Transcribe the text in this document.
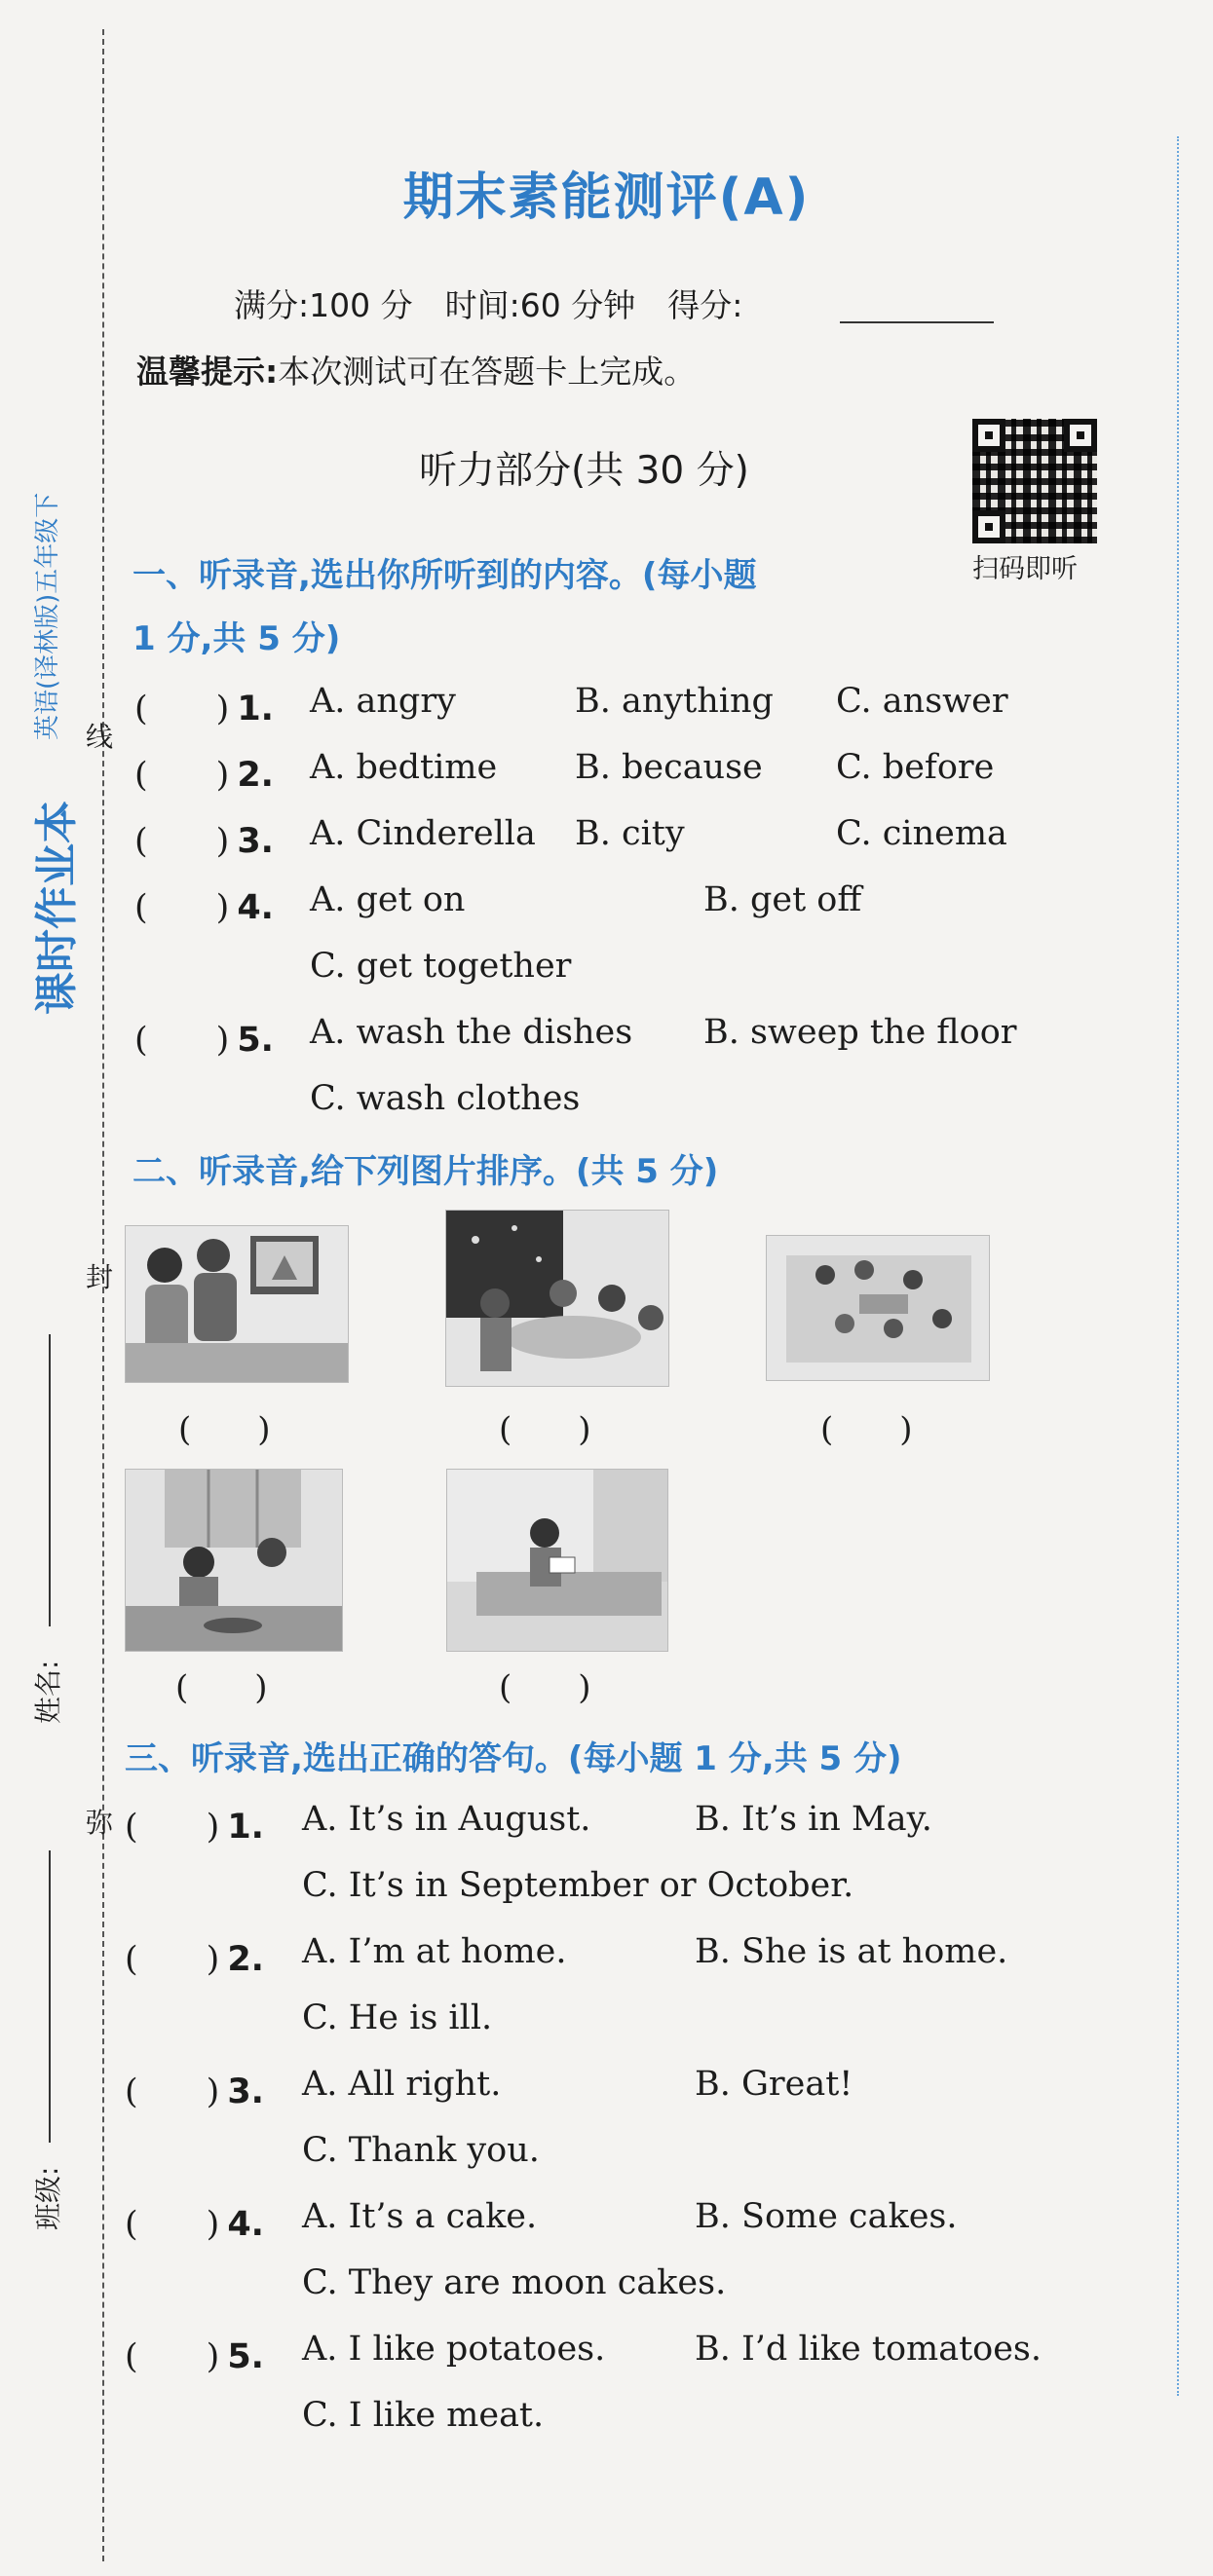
课时作业本
英语(译林版)五年级下 线
封
弥
姓名:
班级:
期末素能测评(A)
满分:100 分　时间:60 分钟　得分:
温馨提示:本次测试可在答题卡上完成。
听力部分(共 30 分)
扫码即听
一、听录音,选出你所听到的内容。(每小题
1 分,共 5 分)
(　　) 1. A. angry	B. anything C. answer
(　　) 2. A. bedtime B. because C. before
(　　) 3. A. Cinderella B. city	C. cinema
(　　) 4. A. get on	B. get off
C. get together
(　　) 5. A. wash the dishes B. sweep the floor
C. wash clothes
二、听录音,给下列图片排序。(共 5 分)
(　　)	(　　)	(　　)
(　　)	(　　)
三、听录音,选出正确的答句。(每小题 1 分,共 5 分)
(　　) 1. A. It’s in August.	B. It’s in May.
C. It’s in September or October.
(　　) 2. A. I’m at home.	B. She is at home.
C. He is ill.
(　　) 3. A. All right.	B. Great!
C. Thank you.
(　　) 4. A. It’s a cake.	B. Some cakes.
C. They are moon cakes.
(　　) 5. A. I like potatoes.	B. I’d like tomatoes.
C. I like meat.
